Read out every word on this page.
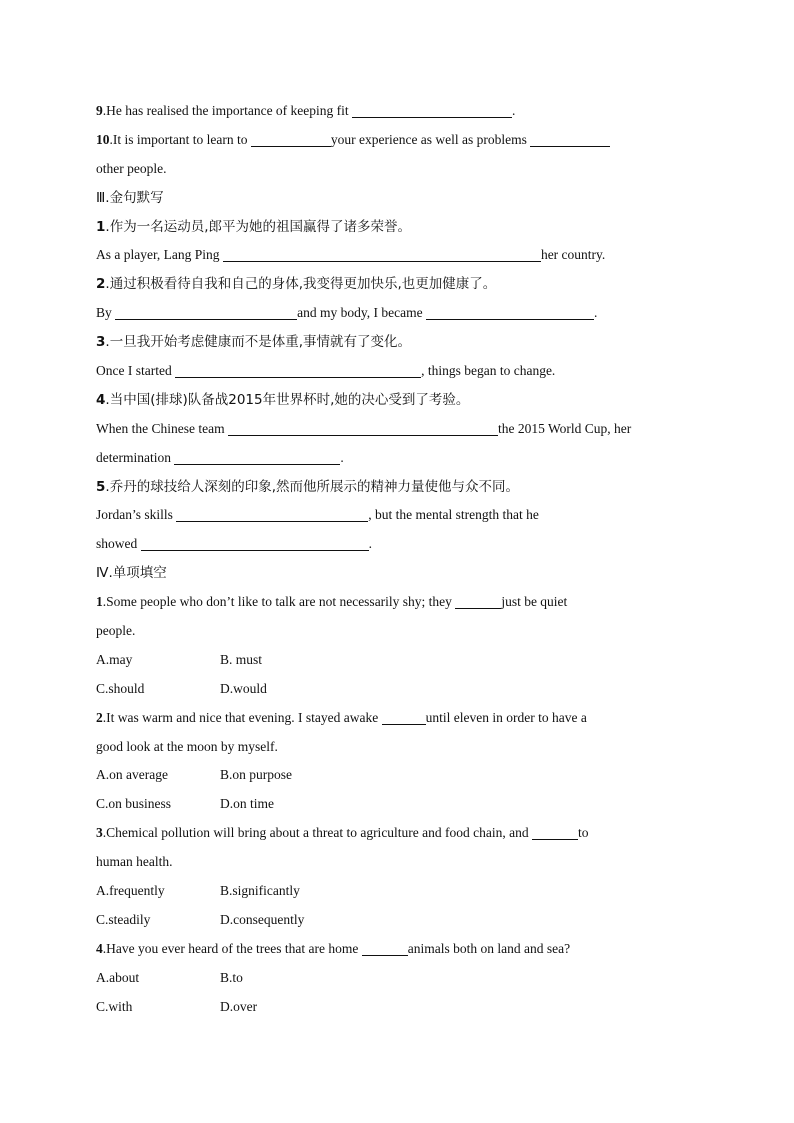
9.He has realised the importance of keeping fit	.
10.It is important to learn to	your experience as well as problems
other people.
Ⅲ.金句默写
1.作为一名运动员,郎平为她的祖国赢得了诸多荣誉。
As a player, Lang Ping	her country.
2.通过积极看待自我和自己的身体,我变得更加快乐,也更加健康了。
By	and my body, I became	.
3.一旦我开始考虑健康而不是体重,事情就有了变化。
Once I started	, things began to change.
4.当中国(排球)队备战2015年世界杯时,她的决心受到了考验。
When the Chinese team	the 2015 World Cup, her
determination	.
5.乔丹的球技给人深刻的印象,然而他所展示的精神力量使他与众不同。
Jordan’s skills	, but the mental strength that he
showed	.
Ⅳ.单项填空
1.Some people who don’t like to talk are not necessarily shy; they	just be quiet
people.
A.may	B. must
C.should	D.would
2.It was warm and nice that evening. I stayed awake	until eleven in order to have a
good look at the moon by myself.
A.on average	B.on purpose
C.on business	D.on time
3.Chemical pollution will bring about a threat to agriculture and food chain, and	to
human health.
A.frequently	B.significantly
C.steadily	D.consequently
4.Have you ever heard of the trees that are home	animals both on land and sea?
A.about	B.to
C.with	D.over
